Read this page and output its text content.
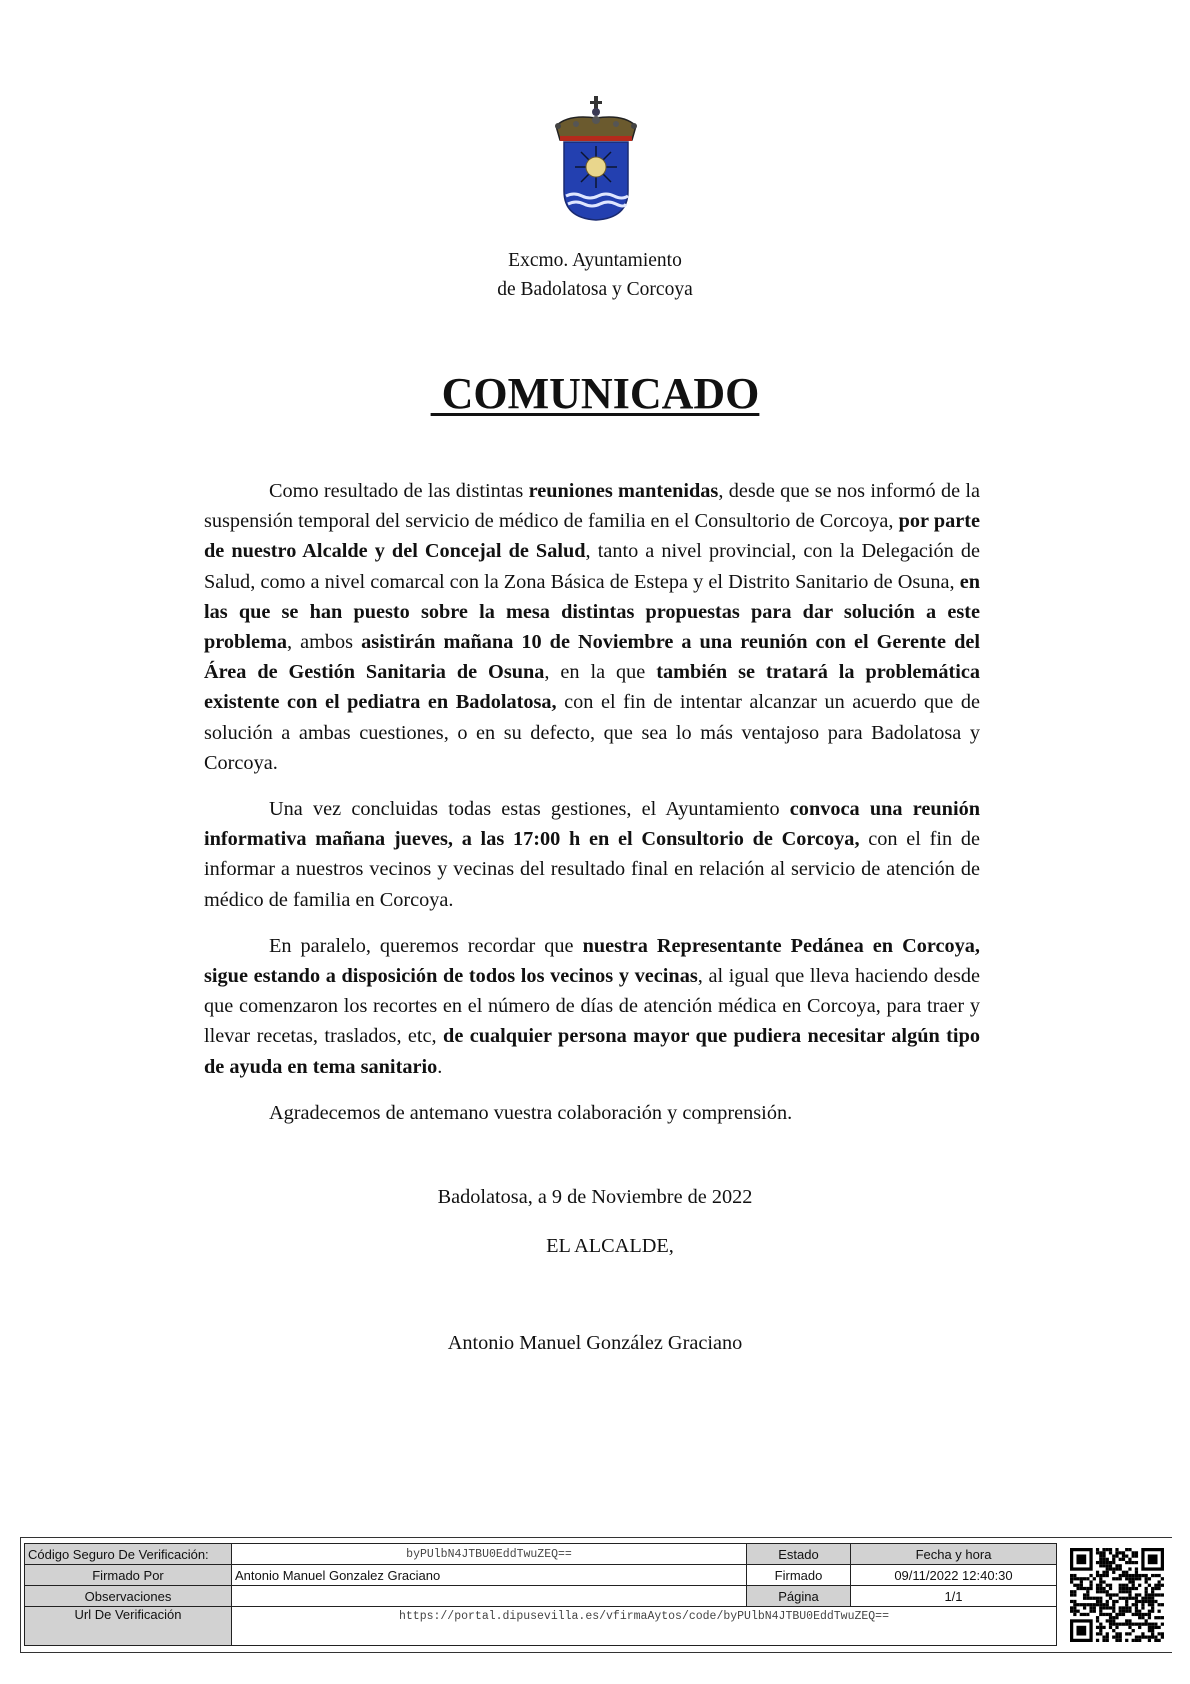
Excmo. Ayuntamiento
de Badolatosa y Corcoya
COMUNICADO

Como resultado de las distintas reuniones mantenidas, desde que se nos informó de la suspensión temporal del servicio de médico de familia en el Consultorio de Corcoya, por parte de nuestro Alcalde y del Concejal de Salud, tanto a nivel provincial, con la Delegación de Salud, como a nivel comarcal con la Zona Básica de Estepa y el Distrito Sanitario de Osuna, en las que se han puesto sobre la mesa distintas propuestas para dar solución a este problema, ambos asistirán mañana 10 de Noviembre a una reunión con el Gerente del Área de Gestión Sanitaria de Osuna, en la que también se tratará la problemática existente con el pediatra en Badolatosa, con el fin de intentar alcanzar un acuerdo que de solución a ambas cuestiones, o en su defecto, que sea lo más ventajoso para Badolatosa y Corcoya.

Una vez concluidas todas estas gestiones, el Ayuntamiento convoca una reunión informativa mañana jueves, a las 17:00 h en el Consultorio de Corcoya, con el fin de informar a nuestros vecinos y vecinas del resultado final en relación al servicio de atención de médico de familia en Corcoya.

En paralelo, queremos recordar que nuestra Representante Pedánea en Corcoya, sigue estando a disposición de todos los vecinos y vecinas, al igual que lleva haciendo desde que comenzaron los recortes en el número de días de atención médica en Corcoya, para traer y llevar recetas, traslados, etc, de cualquier persona mayor que pudiera necesitar algún tipo de ayuda en tema sanitario.

Agradecemos de antemano vuestra colaboración y comprensión.

Badolatosa, a 9 de Noviembre de 2022
EL ALCALDE,
Antonio Manuel González Graciano
Código Seguro De Verificación:	byPUlbN4JTBU0EddTwuZEQ==	Estado	Fecha y hora
Firmado Por	Antonio Manuel Gonzalez Graciano	Firmado	09/11/2022 12:40:30
Observaciones		Página	1/1
Url De Verificación	https://portal.dipusevilla.es/vfirmaAytos/code/byPUlbN4JTBU0EddTwuZEQ==		
